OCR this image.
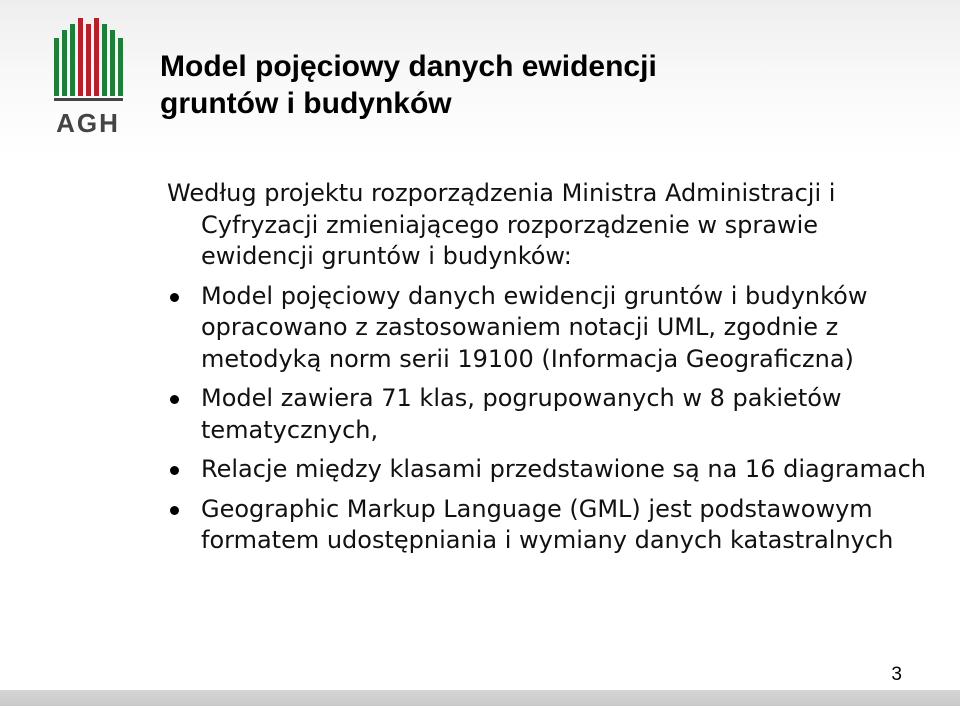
AGH
Model pojęciowy danych ewidencji
gruntów i budynków

Według projektu rozporządzenia Ministra Administracji i Cyfryzacji zmieniającego rozporządzenie w sprawie ewidencji gruntów i budynków:

Model pojęciowy danych ewidencji gruntów i budynków opracowano z zastosowaniem notacji UML, zgodnie z metodyką norm serii 19100 (Informacja Geograficzna)
Model zawiera 71 klas, pogrupowanych w 8 pakietów tematycznych,
Relacje między klasami przedstawione są na 16 diagramach
Geographic Markup Language (GML) jest podstawowym formatem udostępniania i wymiany danych katastralnych
3
